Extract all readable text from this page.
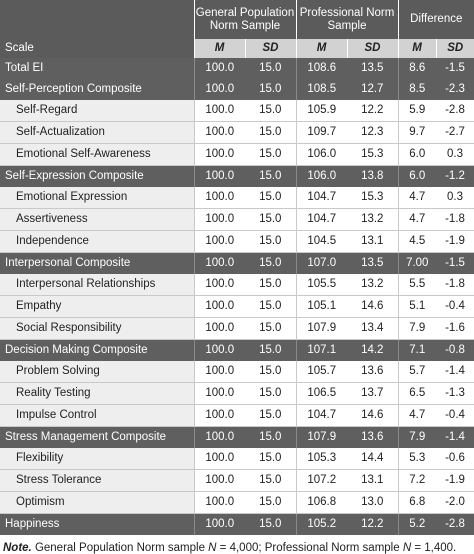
	General Population Norm Sample		Professional Norm Sample		Difference	
Scale	M	SD	M	SD	M	SD
Total EI	100.0	15.0	108.6	13.5	8.6	-1.5
Self-Perception Composite	100.0	15.0	108.5	12.7	8.5	-2.3
Self-Regard	100.0	15.0	105.9	12.2	5.9	-2.8
Self-Actualization	100.0	15.0	109.7	12.3	9.7	-2.7
Emotional Self-Awareness	100.0	15.0	106.0	15.3	6.0	0.3
Self-Expression Composite	100.0	15.0	106.0	13.8	6.0	-1.2
Emotional Expression	100.0	15.0	104.7	15.3	4.7	0.3
Assertiveness	100.0	15.0	104.7	13.2	4.7	-1.8
Independence	100.0	15.0	104.5	13.1	4.5	-1.9
Interpersonal Composite	100.0	15.0	107.0	13.5	7.00	-1.5
Interpersonal Relationships	100.0	15.0	105.5	13.2	5.5	-1.8
Empathy	100.0	15.0	105.1	14.6	5.1	-0.4
Social Responsibility	100.0	15.0	107.9	13.4	7.9	-1.6
Decision Making Composite	100.0	15.0	107.1	14.2	7.1	-0.8
Problem Solving	100.0	15.0	105.7	13.6	5.7	-1.4
Reality Testing	100.0	15.0	106.5	13.7	6.5	-1.3
Impulse Control	100.0	15.0	104.7	14.6	4.7	-0.4
Stress Management Composite	100.0	15.0	107.9	13.6	7.9	-1.4
Flexibility	100.0	15.0	105.3	14.4	5.3	-0.6
Stress Tolerance	100.0	15.0	107.2	13.1	7.2	-1.9
Optimism	100.0	15.0	106.8	13.0	6.8	-2.0
Happiness	100.0	15.0	105.2	12.2	5.2	-2.8
Note. General Population Norm sample N = 4,000; Professional Norm sample N = 1,400.
